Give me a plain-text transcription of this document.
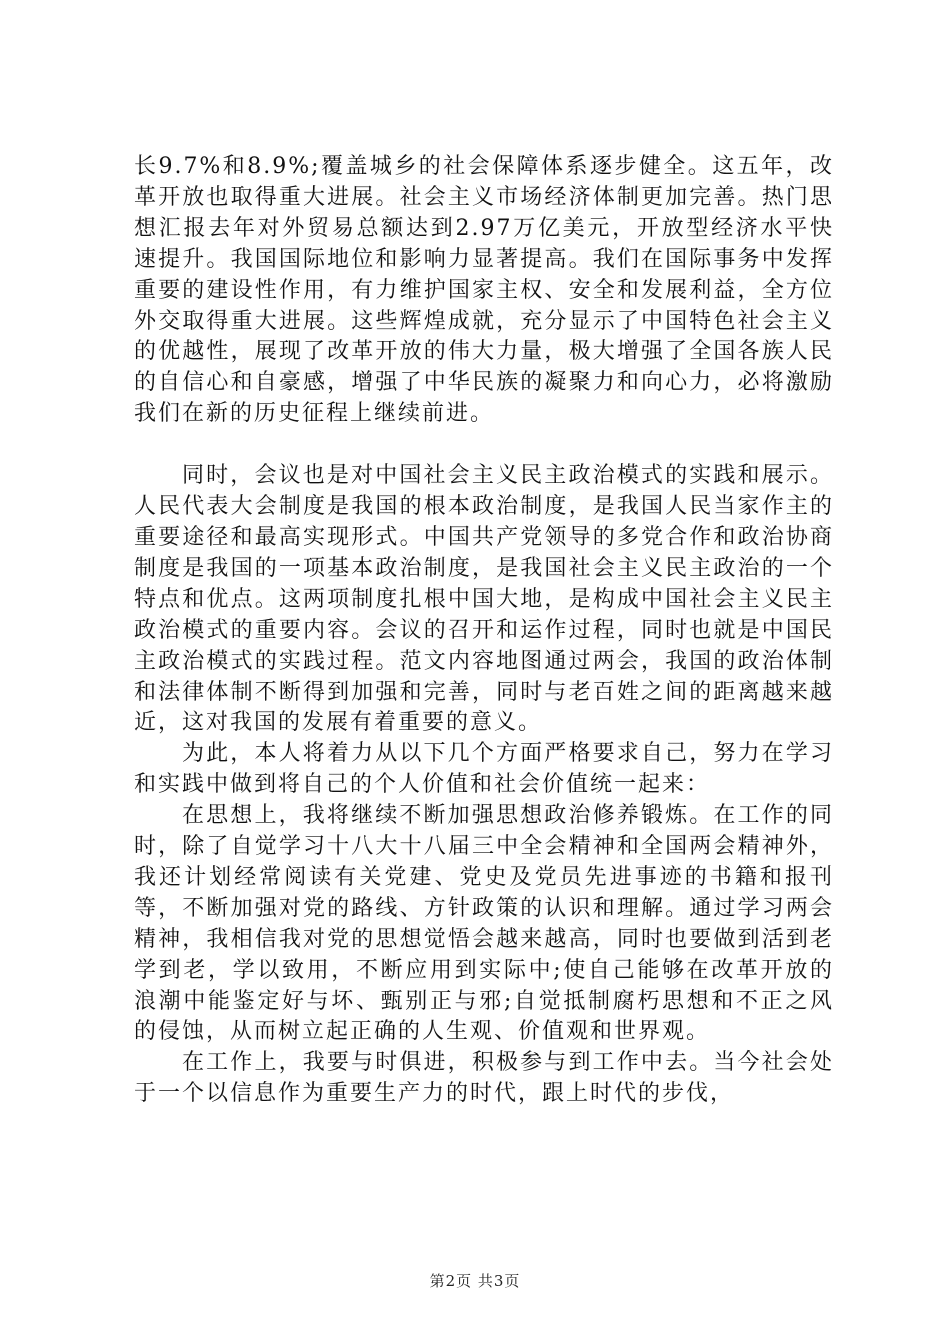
长9.7%和8.9%;覆盖城乡的社会保障体系逐步健全。这五年，改革开放也取得重大进展。社会主义市场经济体制更加完善。热门思想汇报去年对外贸易总额达到2.97万亿美元，开放型经济水平快速提升。我国国际地位和影响力显著提高。我们在国际事务中发挥重要的建设性作用，有力维护国家主权、安全和发展利益，全方位外交取得重大进展。这些辉煌成就，充分显示了中国特色社会主义的优越性，展现了改革开放的伟大力量，极大增强了全国各族人民的自信心和自豪感，增强了中华民族的凝聚力和向心力，必将激励我们在新的历史征程上继续前进。

同时，会议也是对中国社会主义民主政治模式的实践和展示。人民代表大会制度是我国的根本政治制度，是我国人民当家作主的重要途径和最高实现形式。中国共产党领导的多党合作和政治协商制度是我国的一项基本政治制度，是我国社会主义民主政治的一个特点和优点。这两项制度扎根中国大地，是构成中国社会主义民主政治模式的重要内容。会议的召开和运作过程，同时也就是中国民主政治模式的实践过程。范文内容地图通过两会，我国的政治体制和法律体制不断得到加强和完善，同时与老百姓之间的距离越来越近，这对我国的发展有着重要的意义。

为此，本人将着力从以下几个方面严格要求自己，努力在学习和实践中做到将自己的个人价值和社会价值统一起来：

在思想上，我将继续不断加强思想政治修养锻炼。在工作的同时，除了自觉学习十八大十八届三中全会精神和全国两会精神外，我还计划经常阅读有关党建、党史及党员先进事迹的书籍和报刊等，不断加强对党的路线、方针政策的认识和理解。通过学习两会精神，我相信我对党的思想觉悟会越来越高，同时也要做到活到老学到老，学以致用，不断应用到实际中;使自己能够在改革开放的浪潮中能鉴定好与坏、甄别正与邪;自觉抵制腐朽思想和不正之风的侵蚀，从而树立起正确的人生观、价值观和世界观。

在工作上，我要与时俱进，积极参与到工作中去。当今社会处于一个以信息作为重要生产力的时代，跟上时代的步伐，

第2页 共3页
